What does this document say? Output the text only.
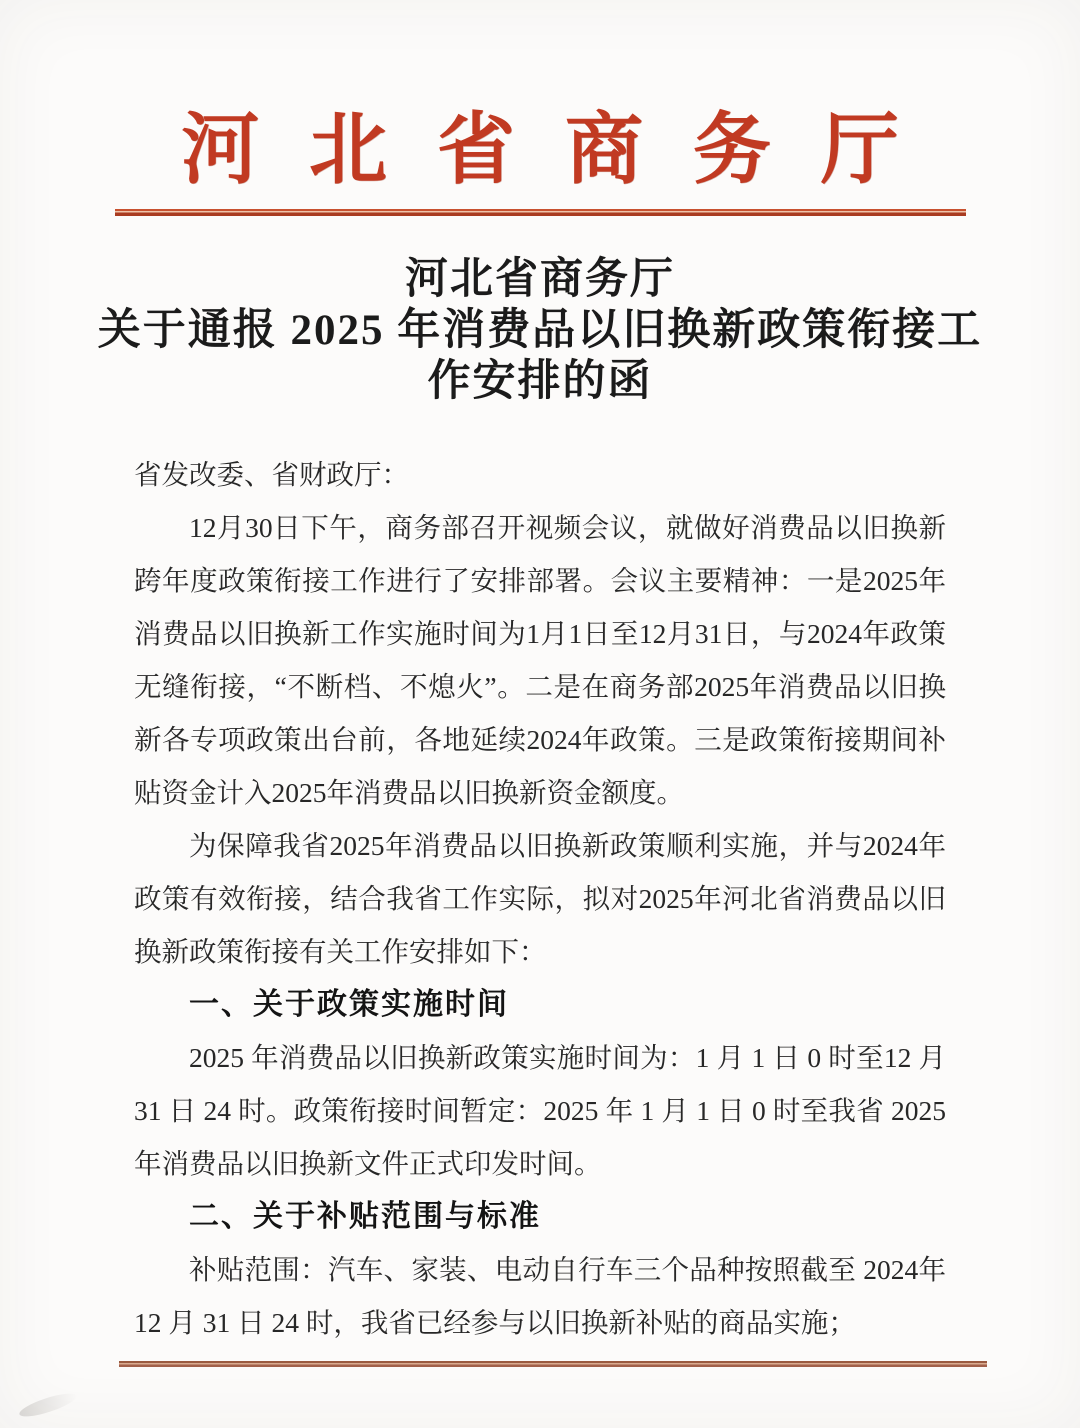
河北省商务厅
河北省商务厅
关于通报 2025 年消费品以旧换新政策衔接工
作安排的函
省发改委、省财政厅：
12月30日下午，商务部召开视频会议，就做好消费品以旧换新跨年度政策衔接工作进行了安排部署。会议主要精神：一是2025年消费品以旧换新工作实施时间为1月1日至12月31日，与2024年政策无缝衔接，“不断档、不熄火”。二是在商务部2025年消费品以旧换新各专项政策出台前，各地延续2024年政策。三是政策衔接期间补贴资金计入2025年消费品以旧换新资金额度。
为保障我省2025年消费品以旧换新政策顺利实施，并与2024年政策有效衔接，结合我省工作实际，拟对2025年河北省消费品以旧换新政策衔接有关工作安排如下：
一、关于政策实施时间
2025 年消费品以旧换新政策实施时间为：1 月 1 日 0 时至12 月 31 日 24 时。政策衔接时间暂定：2025 年 1 月 1 日 0 时至我省 2025 年消费品以旧换新文件正式印发时间。
二、关于补贴范围与标准
补贴范围：汽车、家装、电动自行车三个品种按照截至 2024年 12 月 31 日 24 时，我省已经参与以旧换新补贴的商品实施；
